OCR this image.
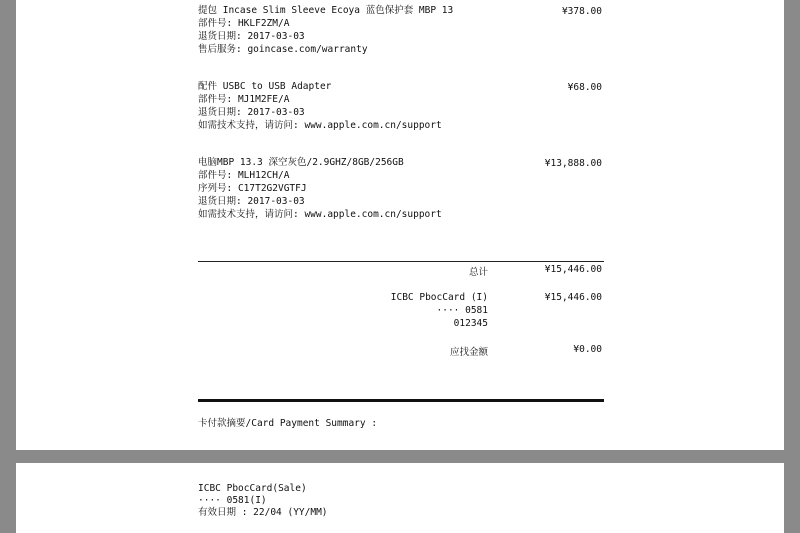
提包 Incase Slim Sleeve Ecoya 蓝色保护套 MBP 13
部件号: HKLF2ZM/A
退货日期: 2017-03-03
售后服务: goincase.com/warranty
¥378.00
配件 USBC to USB Adapter
部件号: MJ1M2FE/A
退货日期: 2017-03-03
如需技术支持，请访问: www.apple.com.cn/support
¥68.00
电脑MBP 13.3 深空灰色/2.9GHZ/8GB/256GB
部件号: MLH12CH/A
序列号: C17T2G2VGTFJ
退货日期: 2017-03-03
如需技术支持，请访问: www.apple.com.cn/support
¥13,888.00
总计	¥15,446.00
ICBC PbocCard (I)	¥15,446.00
···· 0581
012345
应找金额	¥0.00
卡付款摘要/Card Payment Summary :
ICBC PbocCard(Sale)
···· 0581(I)
有效日期 : 22/04 (YY/MM)
